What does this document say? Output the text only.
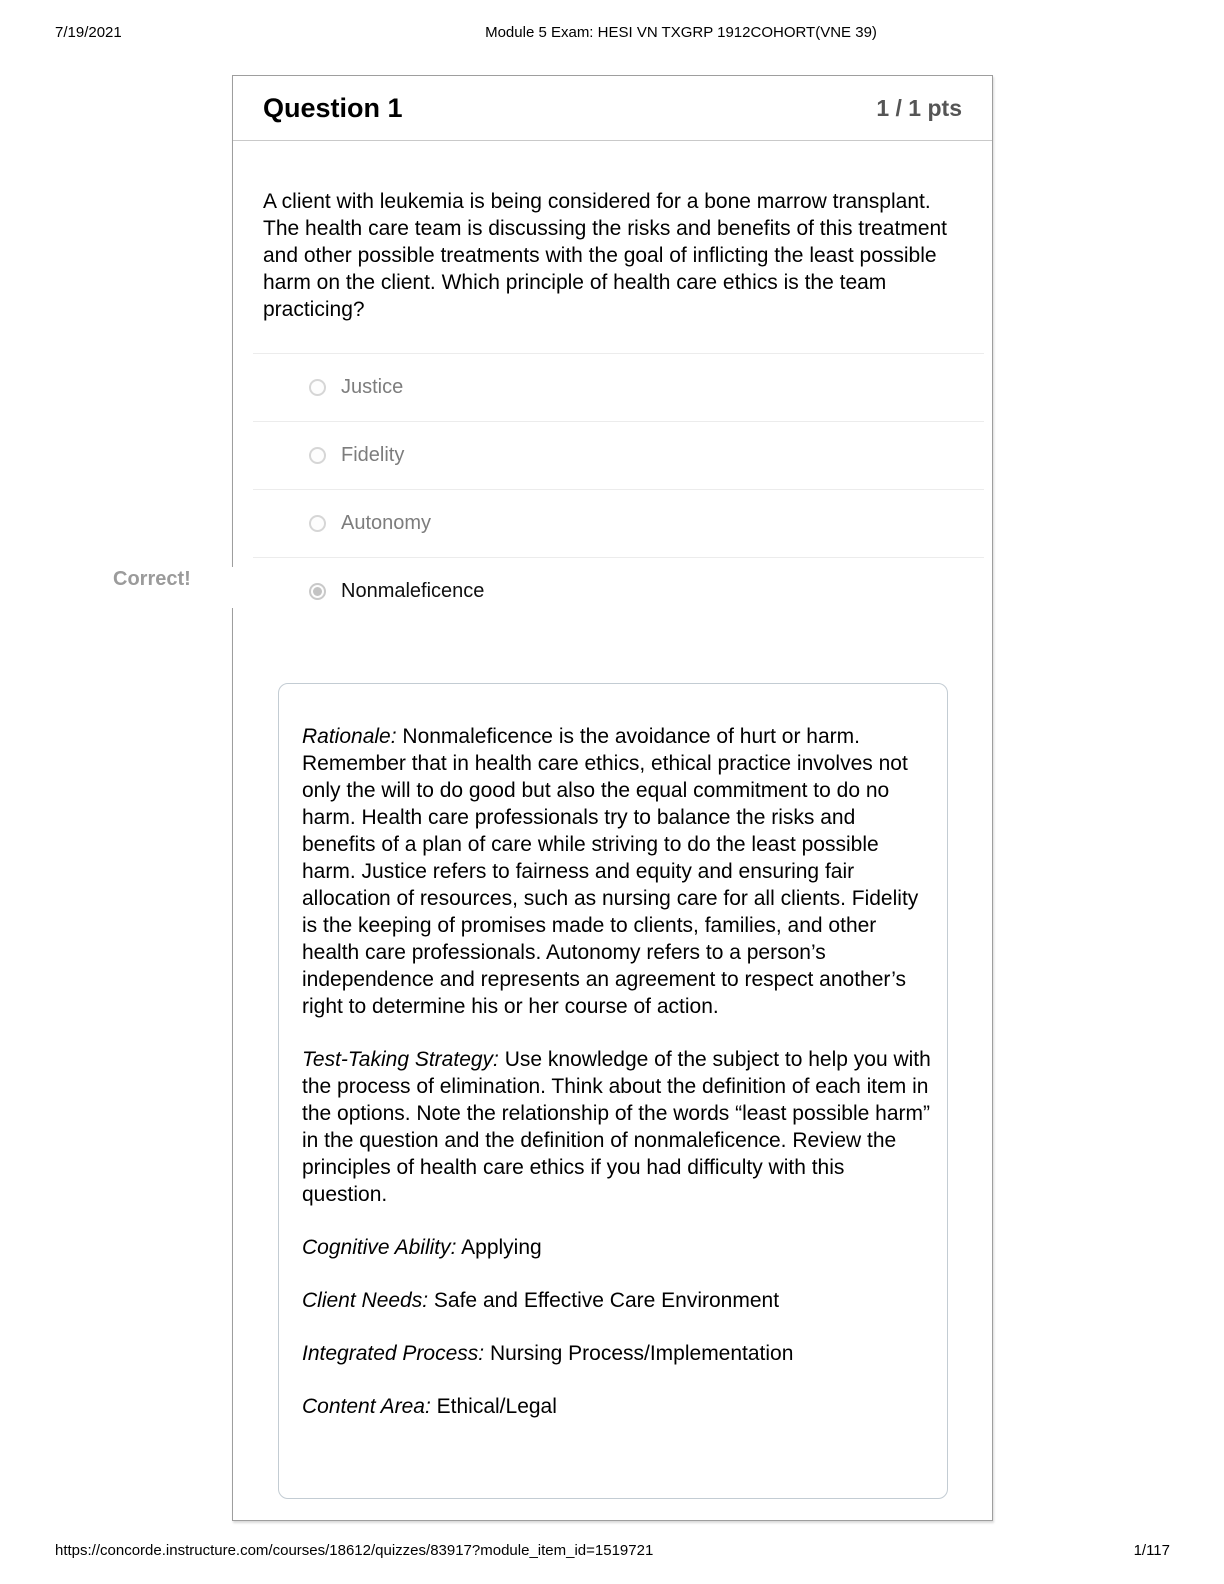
7/19/2021	Module 5 Exam: HESI VN TXGRP 1912COHORT(VNE 39)
Question 1	1 / 1 pts
A client with leukemia is being considered for a bone marrow transplant. The health care team is discussing the risks and benefits of this treatment and other possible treatments with the goal of inflicting the least possible harm on the client. Which principle of health care ethics is the team practicing?
Justice
Fidelity
Autonomy
Nonmaleficence

Rationale: Nonmaleficence is the avoidance of hurt or harm. Remember that in health care ethics, ethical practice involves not only the will to do good but also the equal commitment to do no harm. Health care professionals try to balance the risks and benefits of a plan of care while striving to do the least possible harm. Justice refers to fairness and equity and ensuring fair allocation of resources, such as nursing care for all clients. Fidelity is the keeping of promises made to clients, families, and other health care professionals. Autonomy refers to a person’s independence and represents an agreement to respect another’s right to determine his or her course of action.

Test-Taking Strategy: Use knowledge of the subject to help you with the process of elimination. Think about the definition of each item in the options. Note the relationship of the words “least possible harm” in the question and the definition of nonmaleficence. Review the principles of health care ethics if you had difficulty with this question.

Cognitive Ability: Applying

Client Needs: Safe and Effective Care Environment

Integrated Process: Nursing Process/Implementation

Content Area: Ethical/Legal

Correct!
https://concorde.instructure.com/courses/18612/quizzes/83917?module_item_id=1519721	1/117
